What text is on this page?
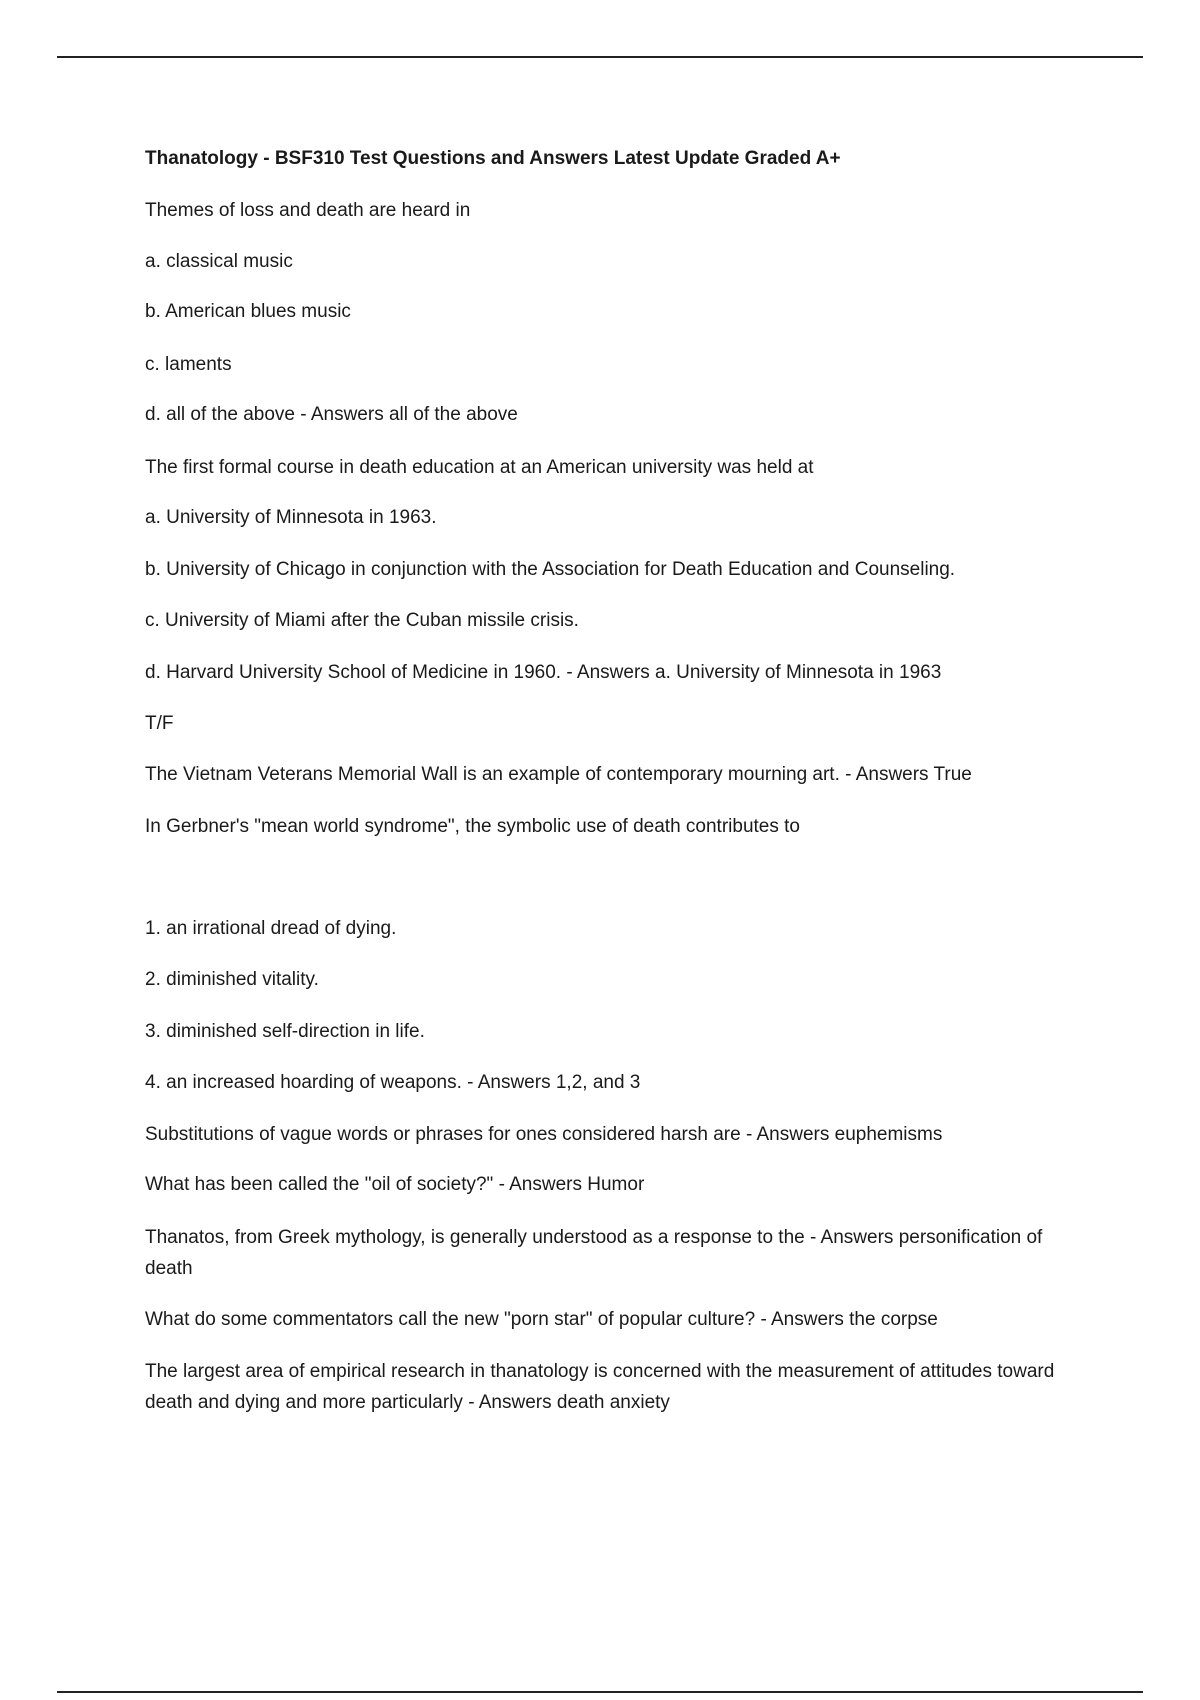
Thanatology - BSF310 Test Questions and Answers Latest Update Graded A+
Themes of loss and death are heard in
a. classical music
b. American blues music
c. laments
d. all of the above - Answers all of the above
The first formal course in death education at an American university was held at
a. University of Minnesota in 1963.
b. University of Chicago in conjunction with the Association for Death Education and Counseling.
c. University of Miami after the Cuban missile crisis.
d. Harvard University School of Medicine in 1960. - Answers a. University of Minnesota in 1963
T/F
The Vietnam Veterans Memorial Wall is an example of contemporary mourning art. - Answers True
In Gerbner's "mean world syndrome", the symbolic use of death contributes to
1. an irrational dread of dying.
2. diminished vitality.
3. diminished self-direction in life.
4. an increased hoarding of weapons. - Answers 1,2, and 3
Substitutions of vague words or phrases for ones considered harsh are - Answers euphemisms
What has been called the "oil of society?" - Answers Humor
Thanatos, from Greek mythology, is generally understood as a response to the - Answers personification of death
What do some commentators call the new "porn star" of popular culture? - Answers the corpse
The largest area of empirical research in thanatology is concerned with the measurement of attitudes toward death and dying and more particularly - Answers death anxiety
